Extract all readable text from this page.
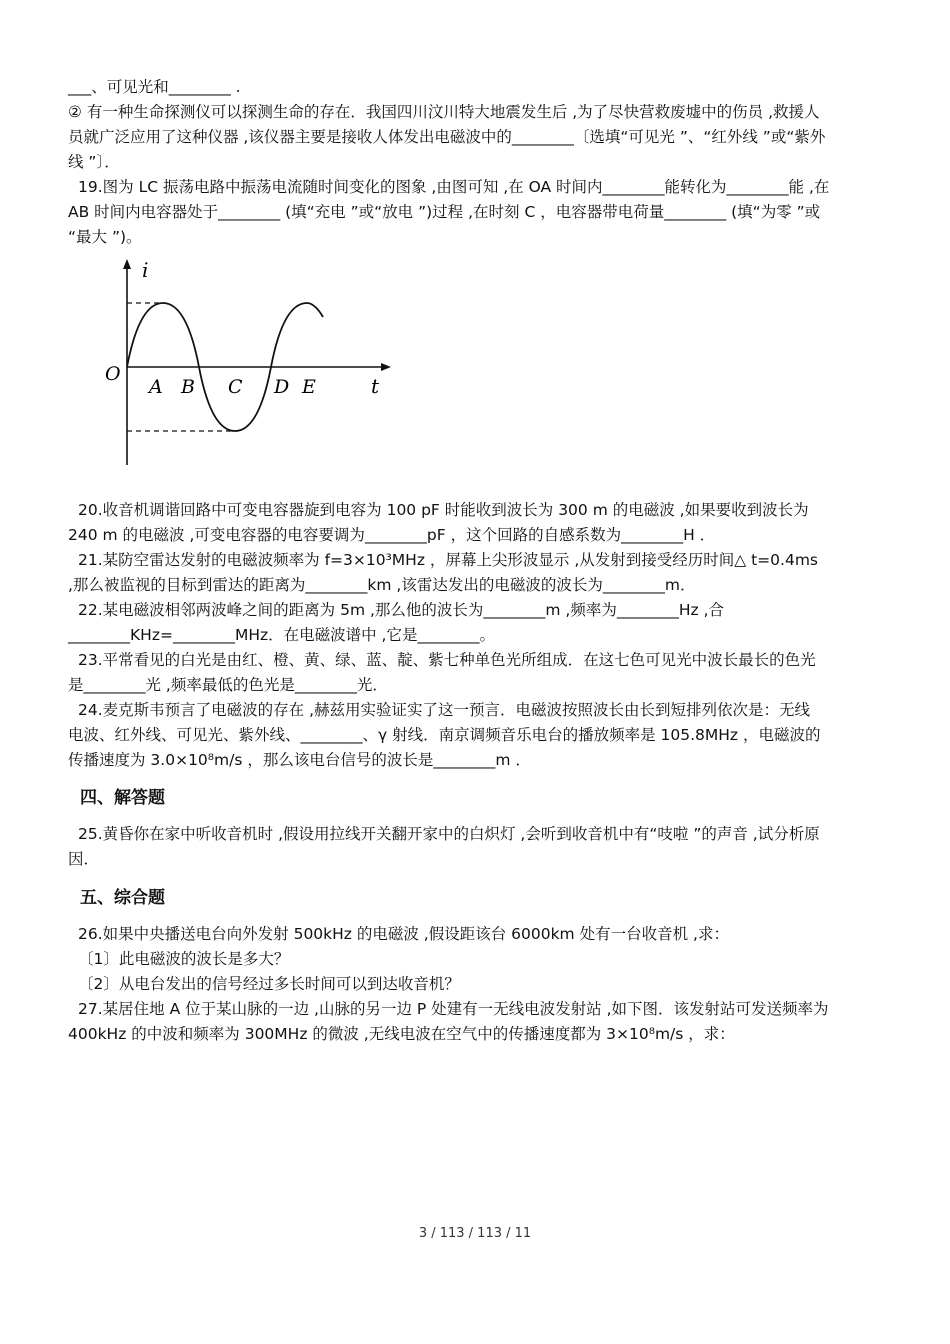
___、可见光和________ .
② 有一种生命探测仪可以探测生命的存在．我国四川汶川特大地震发生后 ,为了尽快营救废墟中的伤员 ,救援人
员就广泛应用了这种仪器 ,该仪器主要是接收人体发出电磁波中的________〔选填“可见光 ”、“红外线 ”或“紫外
线 ”〕．
19.图为 LC 振荡电路中振荡电流随时间变化的图象 ,由图可知 ,在 OA 时间内________能转化为________能 ,在
AB 时间内电容器处于________ (填“充电 ”或“放电 ”)过程 ,在时刻 C ，电容器带电荷量________ (填“为零 ”或
“最大 ”)。
i
t
O
A B C D E
20.收音机调谐回路中可变电容器旋到电容为 100 pF 时能收到波长为 300 m 的电磁波 ,如果要收到波长为
240 m 的电磁波 ,可变电容器的电容要调为________pF ，这个回路的自感系数为________H ．
21.某防空雷达发射的电磁波频率为 f=3×10³MHz ，屏幕上尖形波显示 ,从发射到接受经历时间△ t=0.4ms
,那么被监视的目标到雷达的距离为________km ,该雷达发出的电磁波的波长为________m．
22.某电磁波相邻两波峰之间的距离为 5m ,那么他的波长为________m ,频率为________Hz ,合
________KHz=________MHz．在电磁波谱中 ,它是________。
23.平常看见的白光是由红、橙、黄、绿、蓝、靛、紫七种单色光所组成．在这七色可见光中波长最长的色光
是________光 ,频率最低的色光是________光．
24.麦克斯韦预言了电磁波的存在 ,赫兹用实验证实了这一预言．电磁波按照波长由长到短排列依次是：无线
电波、红外线、可见光、紫外线、________、γ 射线．南京调频音乐电台的播放频率是 105.8MHz ，电磁波的
传播速度为 3.0×10⁸m/s ，那么该电台信号的波长是________m ．
四、解答题
25.黄昏你在家中听收音机时 ,假设用拉线开关翻开家中的白炽灯 ,会听到收音机中有“吱啦 ”的声音 ,试分析原
因．
五、综合题
26.如果中央播送电台向外发射 500kHz 的电磁波 ,假设距该台 6000km 处有一台收音机 ,求：
〔1〕此电磁波的波长是多大？
〔2〕从电台发出的信号经过多长时间可以到达收音机？
27.某居住地 A 位于某山脉的一边 ,山脉的另一边 P 处建有一无线电波发射站 ,如下图．该发射站可发送频率为
400kHz 的中波和频率为 300MHz 的微波 ,无线电波在空气中的传播速度都为 3×10⁸m/s ，求：
3 / 113 / 113 / 11
